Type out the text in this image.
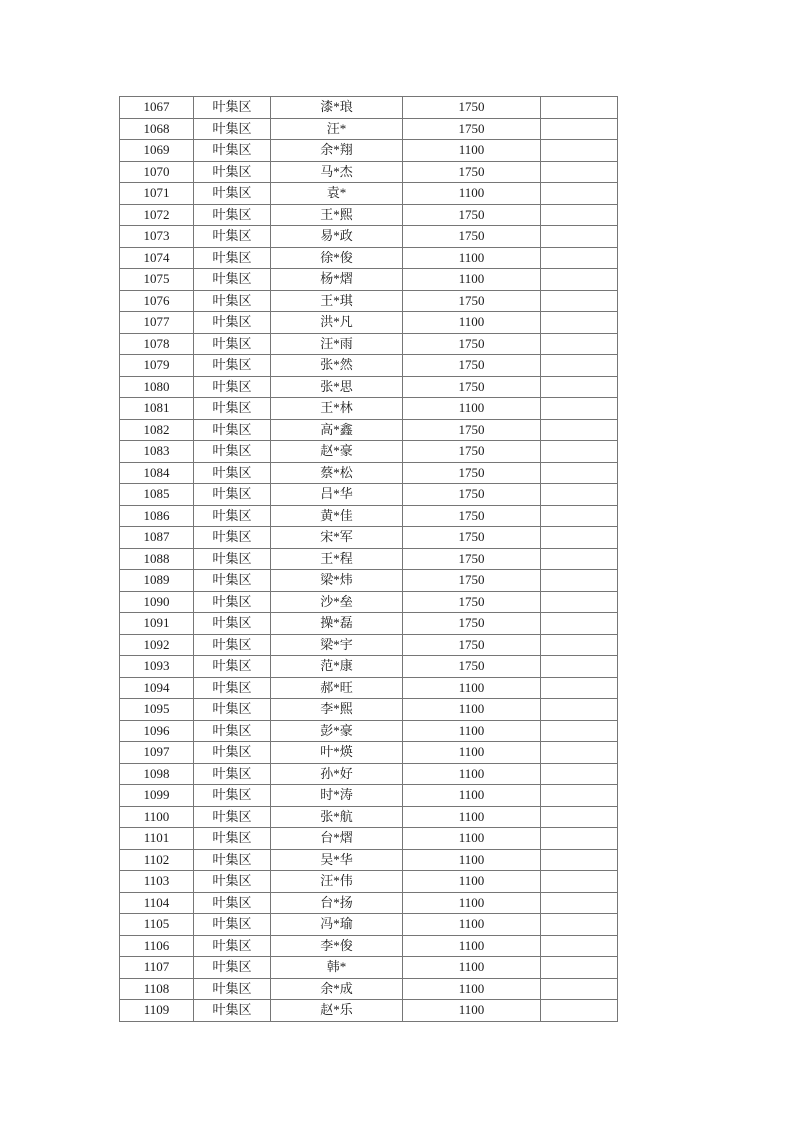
1067	叶集区	漆*琅	1750	
1068	叶集区	汪*	1750	
1069	叶集区	余*翔	1100	
1070	叶集区	马*杰	1750	
1071	叶集区	袁*	1100	
1072	叶集区	王*熙	1750	
1073	叶集区	易*政	1750	
1074	叶集区	徐*俊	1100	
1075	叶集区	杨*熠	1100	
1076	叶集区	王*琪	1750	
1077	叶集区	洪*凡	1100	
1078	叶集区	汪*雨	1750	
1079	叶集区	张*然	1750	
1080	叶集区	张*思	1750	
1081	叶集区	王*林	1100	
1082	叶集区	高*鑫	1750	
1083	叶集区	赵*豪	1750	
1084	叶集区	蔡*松	1750	
1085	叶集区	吕*华	1750	
1086	叶集区	黄*佳	1750	
1087	叶集区	宋*军	1750	
1088	叶集区	王*程	1750	
1089	叶集区	梁*炜	1750	
1090	叶集区	沙*垒	1750	
1091	叶集区	操*磊	1750	
1092	叶集区	梁*宇	1750	
1093	叶集区	范*康	1750	
1094	叶集区	郝*旺	1100	
1095	叶集区	李*熙	1100	
1096	叶集区	彭*豪	1100	
1097	叶集区	叶*煐	1100	
1098	叶集区	孙*好	1100	
1099	叶集区	时*涛	1100	
1100	叶集区	张*航	1100	
1101	叶集区	台*熠	1100	
1102	叶集区	吴*华	1100	
1103	叶集区	汪*伟	1100	
1104	叶集区	台*扬	1100	
1105	叶集区	冯*瑜	1100	
1106	叶集区	李*俊	1100	
1107	叶集区	韩*	1100	
1108	叶集区	余*成	1100	
1109	叶集区	赵*乐	1100	
